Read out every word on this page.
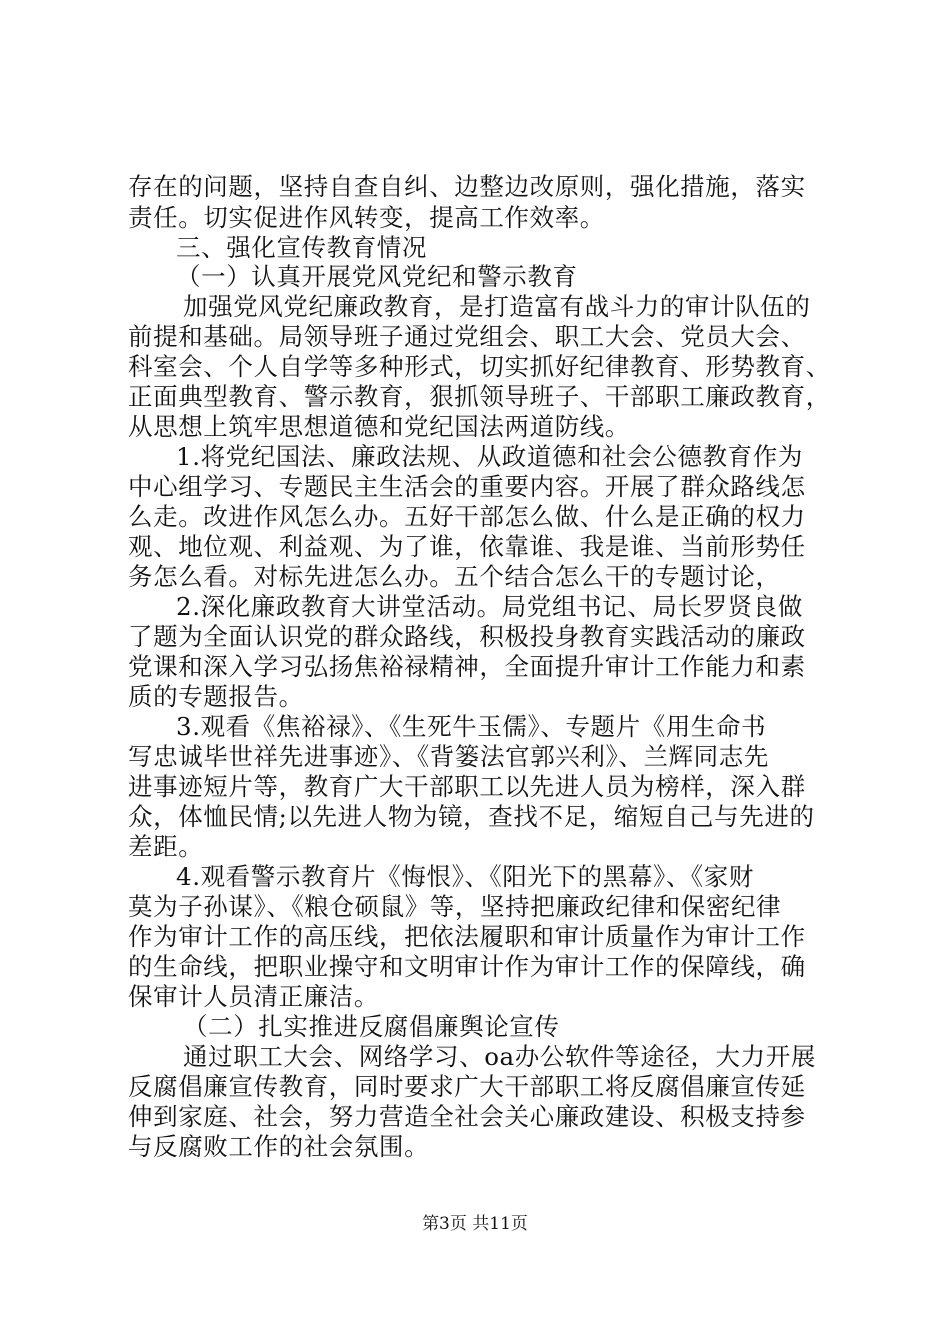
存在的问题，坚持自查自纠、边整边改原则，强化措施，落实
责任。切实促进作风转变，提高工作效率。
三、强化宣传教育情况
（一）认真开展党风党纪和警示教育
加强党风党纪廉政教育，是打造富有战斗力的审计队伍的
前提和基础。局领导班子通过党组会、职工大会、党员大会、
科室会、个人自学等多种形式，切实抓好纪律教育、形势教育、
正面典型教育、警示教育，狠抓领导班子、干部职工廉政教育，
从思想上筑牢思想道德和党纪国法两道防线。
1.将党纪国法、廉政法规、从政道德和社会公德教育作为
中心组学习、专题民主生活会的重要内容。开展了群众路线怎
么走。改进作风怎么办。五好干部怎么做、什么是正确的权力
观、地位观、利益观、为了谁，依靠谁、我是谁、当前形势任
务怎么看。对标先进怎么办。五个结合怎么干的专题讨论，
2.深化廉政教育大讲堂活动。局党组书记、局长罗贤良做
了题为全面认识党的群众路线，积极投身教育实践活动的廉政
党课和深入学习弘扬焦裕禄精神，全面提升审计工作能力和素
质的专题报告。
3.观看《焦裕禄》、《生死牛玉儒》、专题片《用生命书
写忠诚毕世祥先进事迹》、《背篓法官郭兴利》、兰辉同志先
进事迹短片等，教育广大干部职工以先进人员为榜样，深入群
众，体恤民情;以先进人物为镜，查找不足，缩短自己与先进的
差距。
4.观看警示教育片《悔恨》、《阳光下的黑幕》、《家财
莫为子孙谋》、《粮仓硕鼠》等，坚持把廉政纪律和保密纪律
作为审计工作的高压线，把依法履职和审计质量作为审计工作
的生命线，把职业操守和文明审计作为审计工作的保障线，确
保审计人员清正廉洁。
（二）扎实推进反腐倡廉舆论宣传
通过职工大会、网络学习、oa办公软件等途径，大力开展
反腐倡廉宣传教育，同时要求广大干部职工将反腐倡廉宣传延
伸到家庭、社会，努力营造全社会关心廉政建设、积极支持参
与反腐败工作的社会氛围。
第3页 共11页
